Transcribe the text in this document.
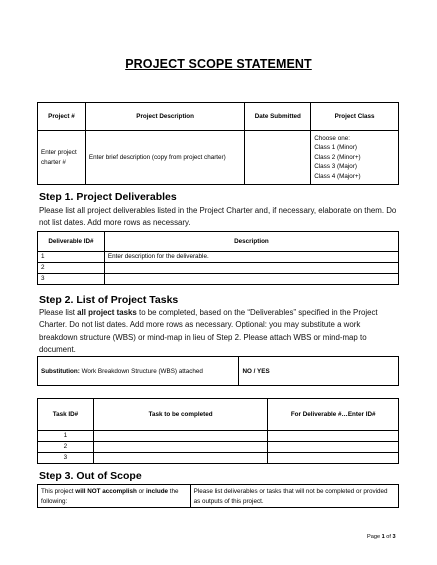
PROJECT SCOPE STATEMENT
Project #	Project Description	Date Submitted	Project Class
Enter project charter #	Enter brief description (copy from project charter)		Choose one:
Class 1 (Minor)
Class 2 (Minor+)
Class 3 (Major)
Class 4 (Major+)
Step 1. Project Deliverables
Please list all project deliverables listed in the Project Charter and, if necessary, elaborate on them. Do not list dates. Add more rows as necessary.
Deliverable ID#	Description
1	Enter description for the deliverable.
2	
3	
Step 2. List of Project Tasks
Please list all project tasks to be completed, based on the “Deliverables” specified in the Project Charter. Do not list dates. Add more rows as necessary. Optional: you may substitute a work breakdown structure (WBS) or mind-map in lieu of Step 2. Please attach WBS or mind-map to document.
Substitution: Work Breakdown Structure (WBS) attached	NO / YES
Task ID#	Task to be completed	For Deliverable #…Enter ID#
1		
2		
3		
Step 3. Out of Scope
This project will NOT accomplish or include the following:	Please list deliverables or tasks that will not be completed or provided as outputs of this project.
Page 1 of 3
